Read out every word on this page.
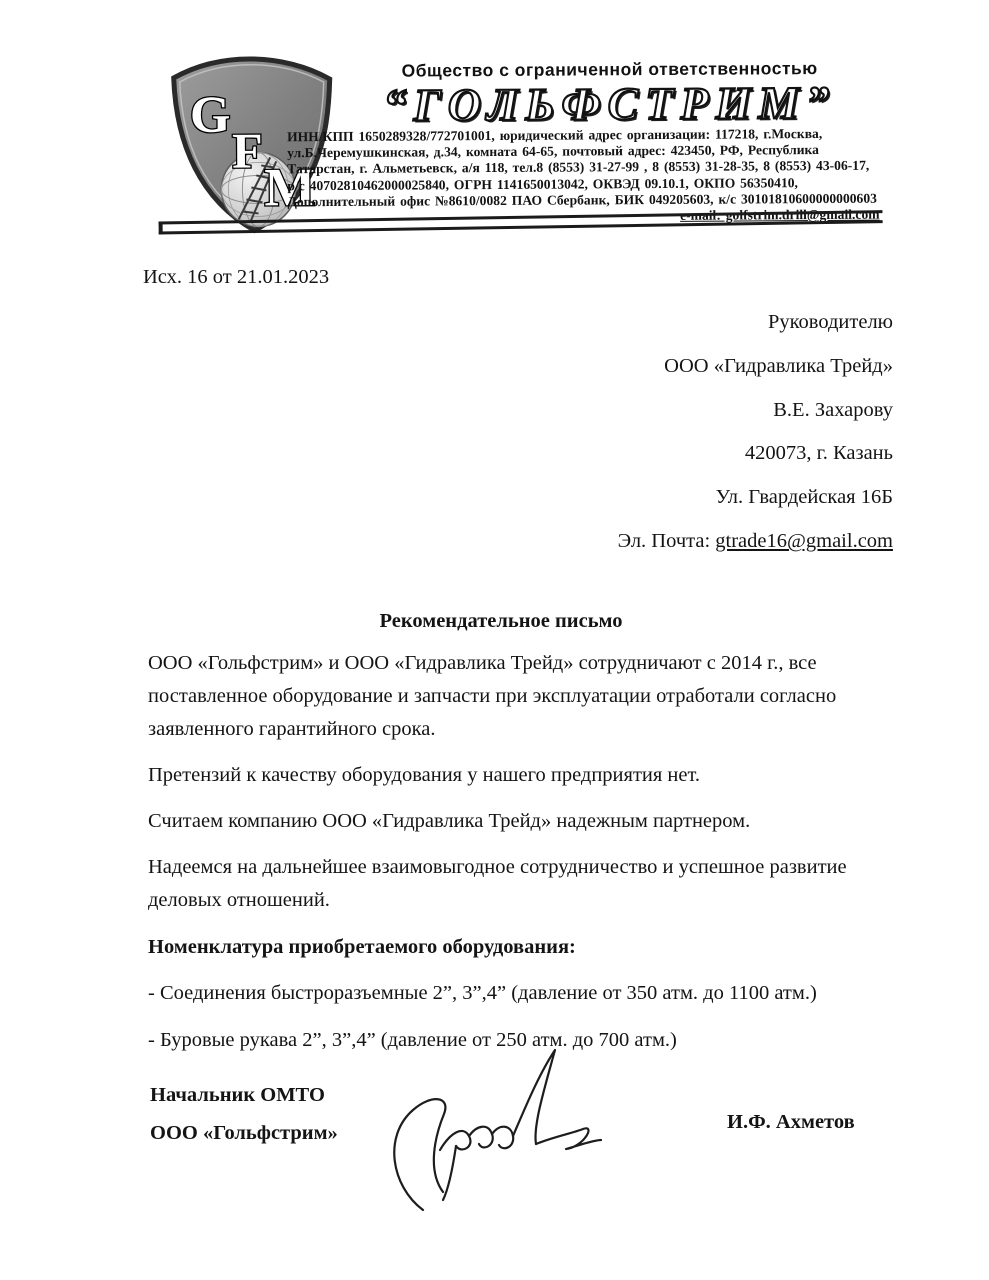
G
F
M
Общество с ограниченной ответственностью
“ГОЛЬФСТРИМ”
ИНН/КПП 1650289328/772701001, юридический адрес организации: 117218, г.Москва,
ул.Б.Черемушкинская, д.34, комната 64-65, почтовый адрес: 423450, РФ, Республика
Татарстан, г. Альметьевск, а/я 118, тел.8 (8553) 31-27-99 , 8 (8553) 31-28-35, 8 (8553) 43-06-17,
р/с 40702810462000025840, ОГРН 1141650013042, ОКВЭД 09.10.1, ОКПО 56350410,
Дополнительный офис №8610/0082 ПАО Сбербанк, БИК 049205603, к/с 30101810600000000603
e-mail: golfstrim.drill@gmail.com
Исх. 16 от 21.01.2023
Руководителю
ООО «Гидравлика Трейд»
В.Е. Захарову
420073, г. Казань
Ул. Гвардейская 16Б
Эл. Почта: gtrade16@gmail.com
Рекомендательное письмо

ООО «Гольфстрим» и ООО «Гидравлика Трейд» сотрудничают с 2014 г., все поставленное оборудование и запчасти при эксплуатации отработали согласно заявленного гарантийного срока.

Претензий к качеству оборудования у нашего предприятия нет.

Считаем компанию ООО «Гидравлика Трейд» надежным партнером.

Надеемся на дальнейшее взаимовыгодное сотрудничество и успешное развитие деловых отношений.

Номенклатура приобретаемого оборудования:
- Соединения быстроразъемные 2”, 3”,4” (давление от 350 атм. до 1100 атм.)
- Буровые рукава 2”, 3”,4” (давление от 250 атм. до 700 атм.)
Начальник ОМТО
ООО «Гольфстрим»	И.Ф. Ахметов
